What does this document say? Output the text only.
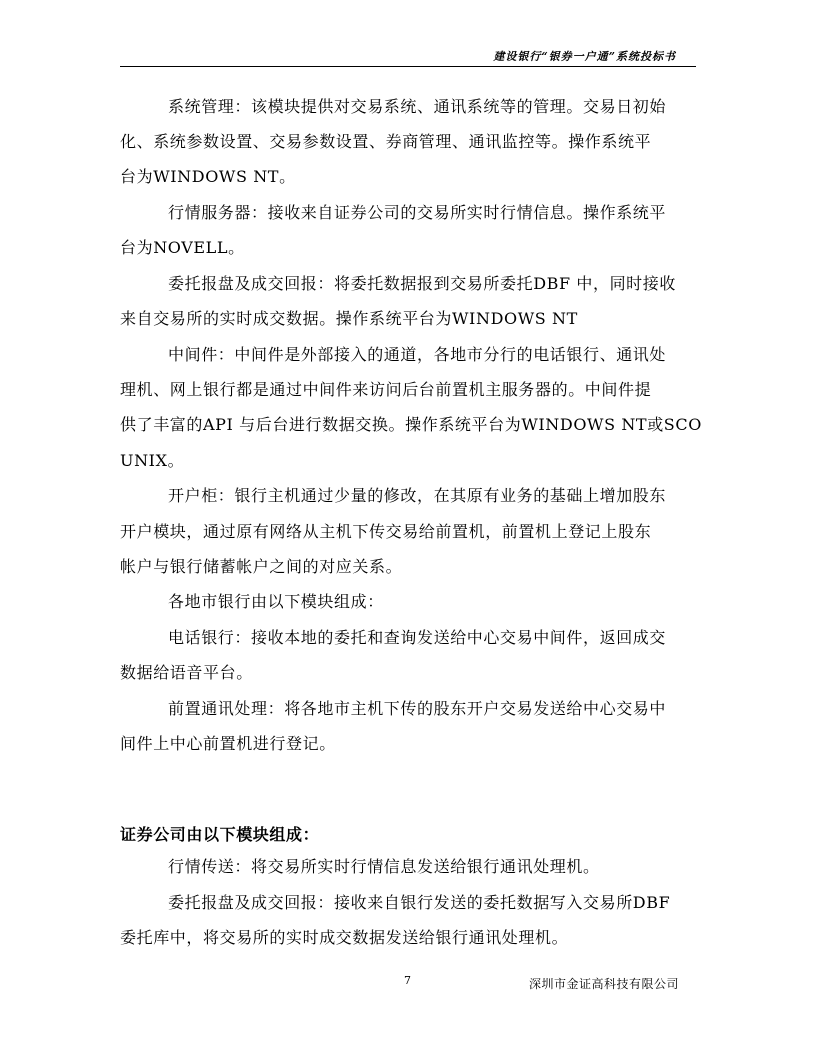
建设银行“银券一户通”系统投标书
系统管理：该模块提供对交易系统、通讯系统等的管理。交易日初始
化、系统参数设置、交易参数设置、券商管理、通讯监控等。操作系统平
台为WINDOWS NT。
行情服务器：接收来自证券公司的交易所实时行情信息。操作系统平
台为NOVELL。
委托报盘及成交回报：将委托数据报到交易所委托DBF 中，同时接收
来自交易所的实时成交数据。操作系统平台为WINDOWS NT
中间件：中间件是外部接入的通道，各地市分行的电话银行、通讯处
理机、网上银行都是通过中间件来访问后台前置机主服务器的。中间件提
供了丰富的API 与后台进行数据交换。操作系统平台为WINDOWS NT或SCO
UNIX。
开户柜：银行主机通过少量的修改，在其原有业务的基础上增加股东
开户模块，通过原有网络从主机下传交易给前置机，前置机上登记上股东
帐户与银行储蓄帐户之间的对应关系。
各地市银行由以下模块组成：
电话银行：接收本地的委托和查询发送给中心交易中间件，返回成交
数据给语音平台。
前置通讯处理：将各地市主机下传的股东开户交易发送给中心交易中
间件上中心前置机进行登记。
证券公司由以下模块组成：
行情传送：将交易所实时行情信息发送给银行通讯处理机。
委托报盘及成交回报：接收来自银行发送的委托数据写入交易所DBF
委托库中，将交易所的实时成交数据发送给银行通讯处理机。
7	深圳市金证高科技有限公司
